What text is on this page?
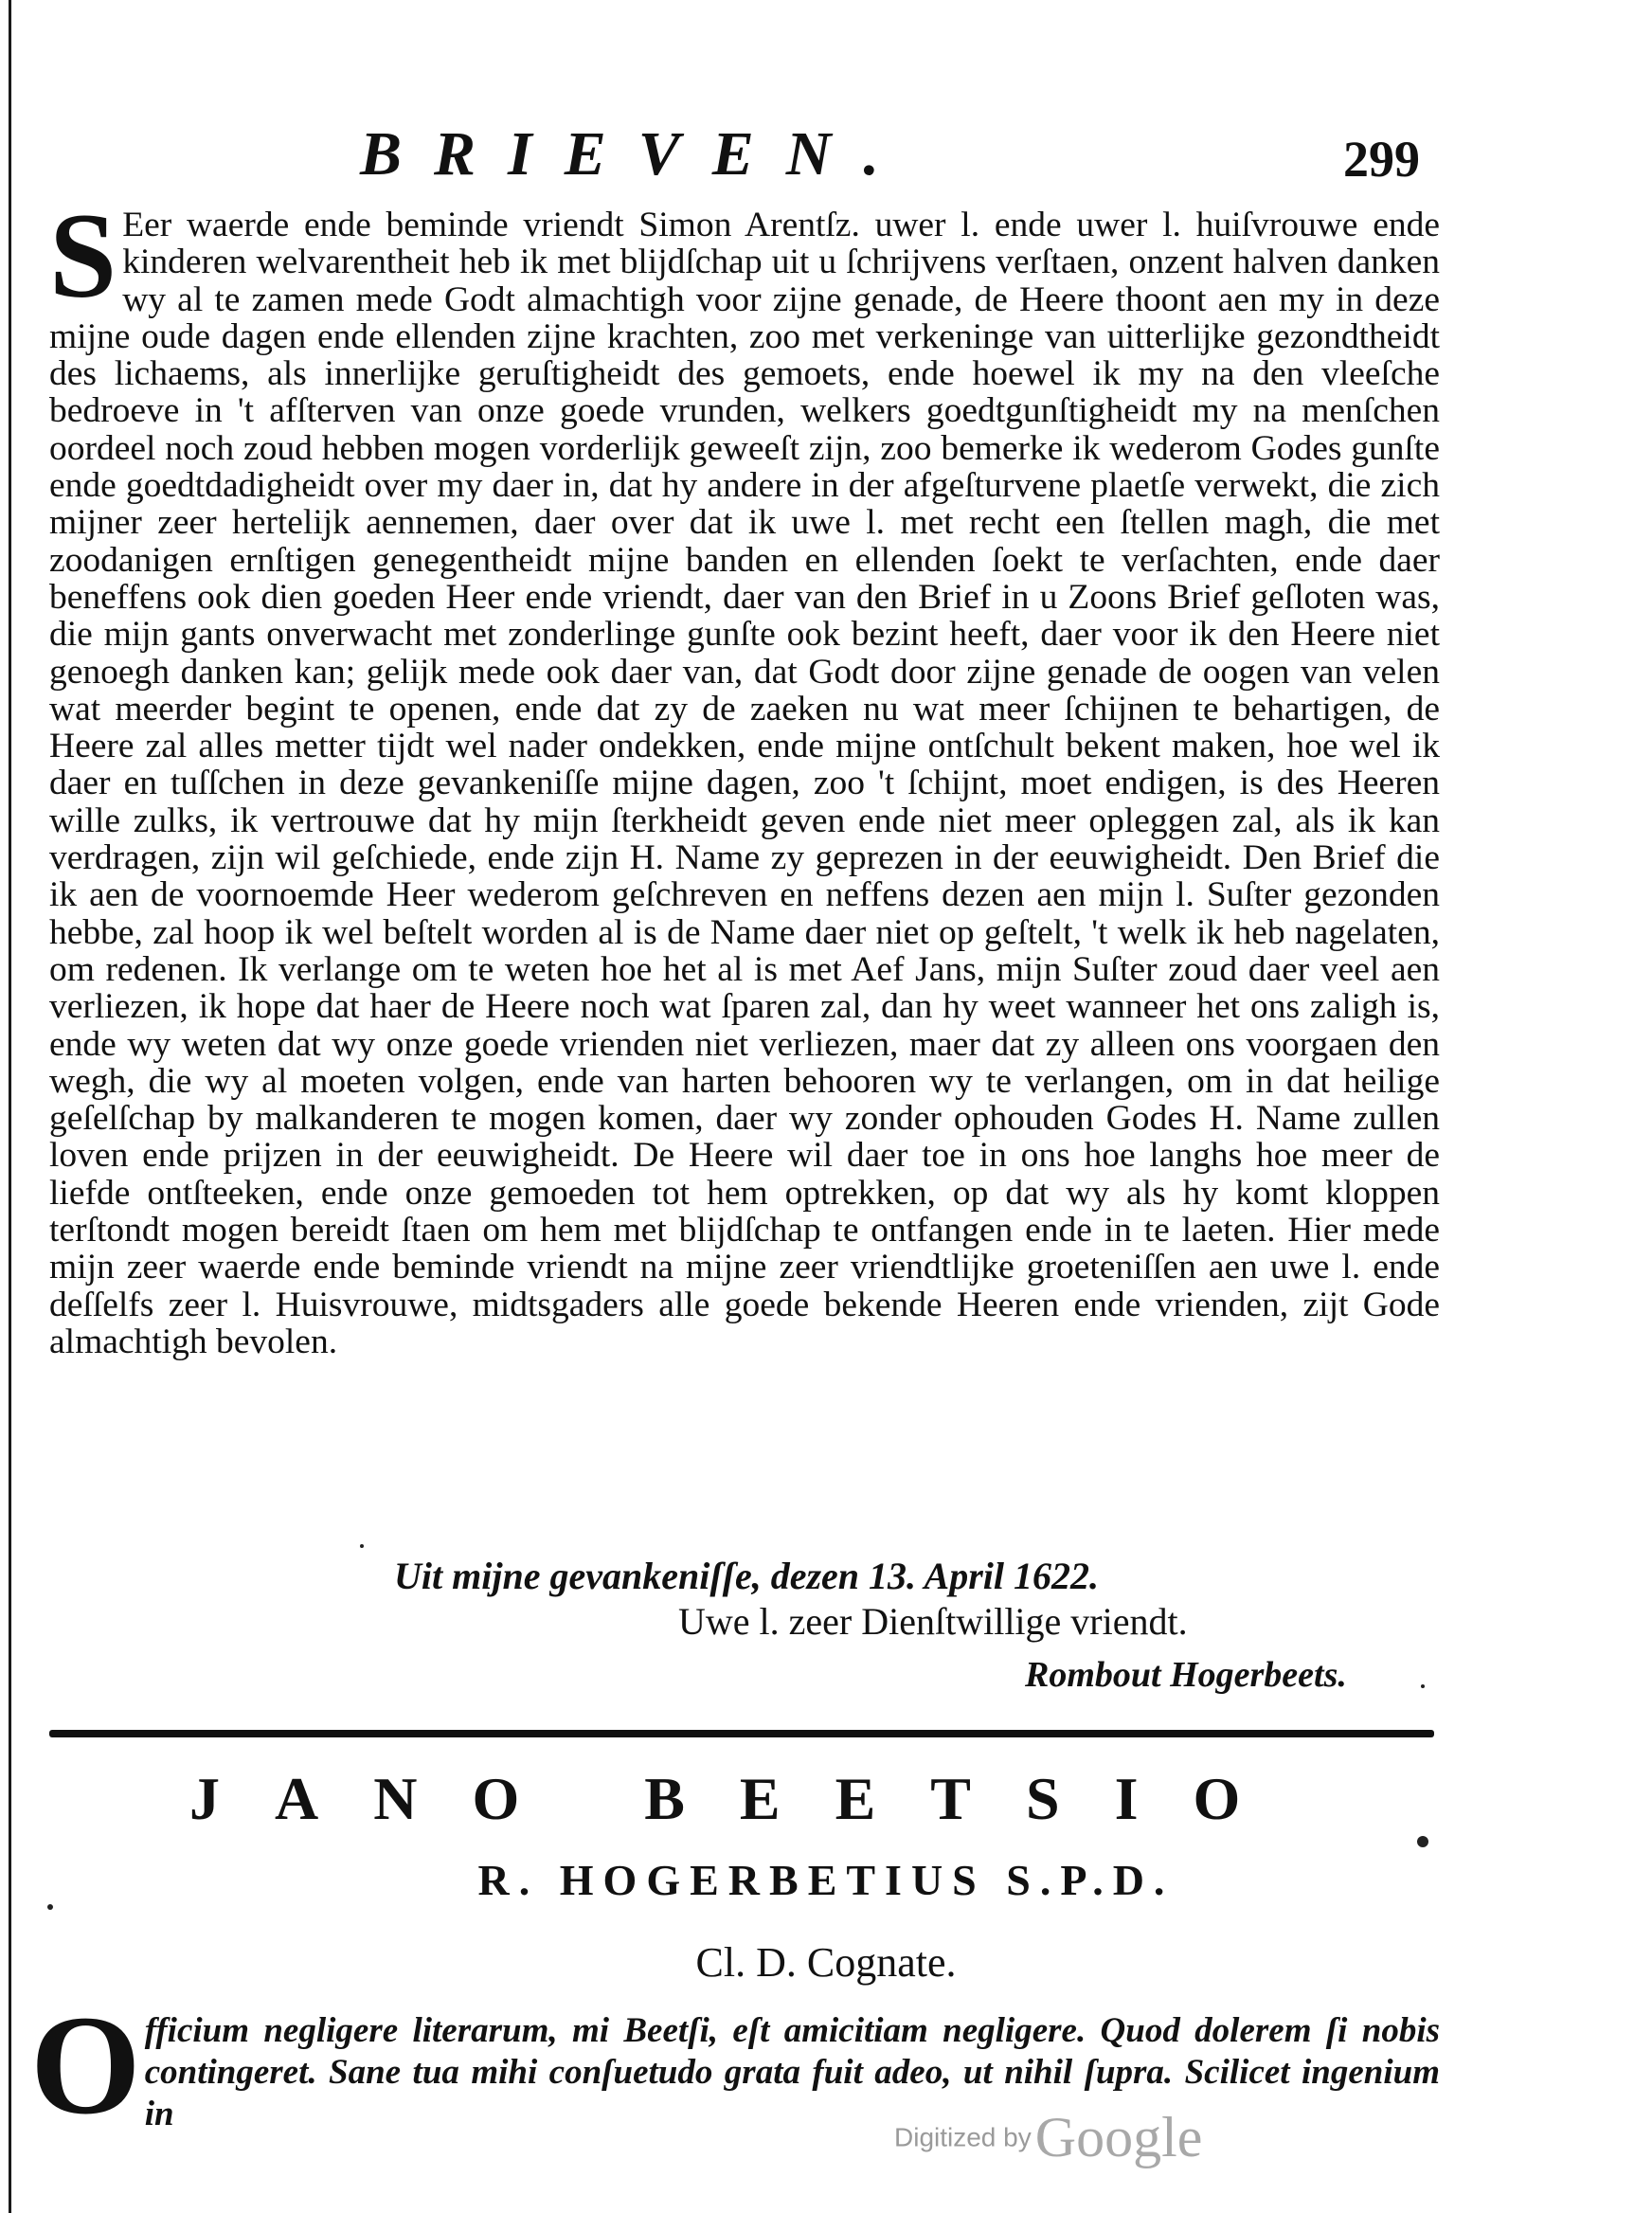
BRIEVEN.	299
S Eer waerde ende beminde vriendt Simon Arentſz. uwer l. ende uwer l. huiſvrouwe ende kinderen welvarentheit heb ik met blijdſchap uit u ſchrijvens verſtaen, onzent halven danken wy al te zamen mede Godt almachtigh voor zijne genade, de Heere thoont aen my in deze mijne oude dagen ende ellenden zijne krachten, zoo met verkeninge van uitterlijke gezondtheidt des lichaems, als innerlijke geruſtigheidt des gemoets, ende hoewel ik my na den vleeſche bedroeve in 't afſterven van onze goede vrunden, welkers goedtgunſtigheidt my na menſchen oordeel noch zoud hebben mogen vorderlijk geweeſt zijn, zoo bemerke ik wederom Godes gunſte ende goedtdadigheidt over my daer in, dat hy andere in der afgeſturvene plaetſe verwekt, die zich mijner zeer hertelijk aennemen, daer over dat ik uwe l. met recht een ſtellen magh, die met zoodanigen ernſtigen genegentheidt mijne banden en ellenden ſoekt te verſachten, ende daer beneffens ook dien goeden Heer ende vriendt, daer van den Brief in u Zoons Brief geſloten was, die mijn gants onverwacht met zonderlinge gunſte ook bezint heeft, daer voor ik den Heere niet genoegh danken kan; gelijk mede ook daer van, dat Godt door zijne genade de oogen van velen wat meerder begint te openen, ende dat zy de zaeken nu wat meer ſchijnen te behartigen, de Heere zal alles metter tijdt wel nader ondekken, ende mijne ontſchult bekent maken, hoe wel ik daer en tuſſchen in deze gevankeniſſe mijne dagen, zoo 't ſchijnt, moet endigen, is des Heeren wille zulks, ik vertrouwe dat hy mijn ſterkheidt geven ende niet meer opleggen zal, als ik kan verdragen, zijn wil geſchiede, ende zijn H. Name zy geprezen in der eeuwigheidt. Den Brief die ik aen de voornoemde Heer wederom geſchreven en neffens dezen aen mijn l. Suſter gezonden hebbe, zal hoop ik wel beſtelt worden al is de Name daer niet op geſtelt, 't welk ik heb nagelaten, om redenen. Ik verlange om te weten hoe het al is met Aef Jans, mijn Suſter zoud daer veel aen verliezen, ik hope dat haer de Heere noch wat ſparen zal, dan hy weet wanneer het ons zaligh is, ende wy weten dat wy onze goede vrienden niet verliezen, maer dat zy alleen ons voorgaen den wegh, die wy al moeten volgen, ende van harten behooren wy te verlangen, om in dat heilige geſelſchap by malkanderen te mogen komen, daer wy zonder ophouden Godes H. Name zullen loven ende prijzen in der eeuwigheidt. De Heere wil daer toe in ons hoe langhs hoe meer de liefde ontſteeken, ende onze gemoeden tot hem optrekken, op dat wy als hy komt kloppen terſtondt mogen bereidt ſtaen om hem met blijdſchap te ontfangen ende in te laeten. Hier mede mijn zeer waerde ende beminde vriendt na mijne zeer vriendtlijke groeteniſſen aen uwe l. ende deſſelfs zeer l. Huisvrouwe, midtsgaders alle goede bekende Heeren ende vrienden, zijt Gode almachtigh bevolen.
Uit mijne gevankeniſſe, dezen 13. April 1622.
Uwe l. zeer Dienſtwillige vriendt.
Rombout Hogerbeets.
JANO BEETSIO
R. HOGERBETIUS S.P.D.
Cl. D. Cognate.
Officium negligere literarum, mi Beetſi, eſt amicitiam negligere. Quod dolerem ſi nobis contingeret. Sane tua mihi conſuetudo grata fuit adeo, ut nihil ſupra. Scilicet ingenium in
Digitized by Google
